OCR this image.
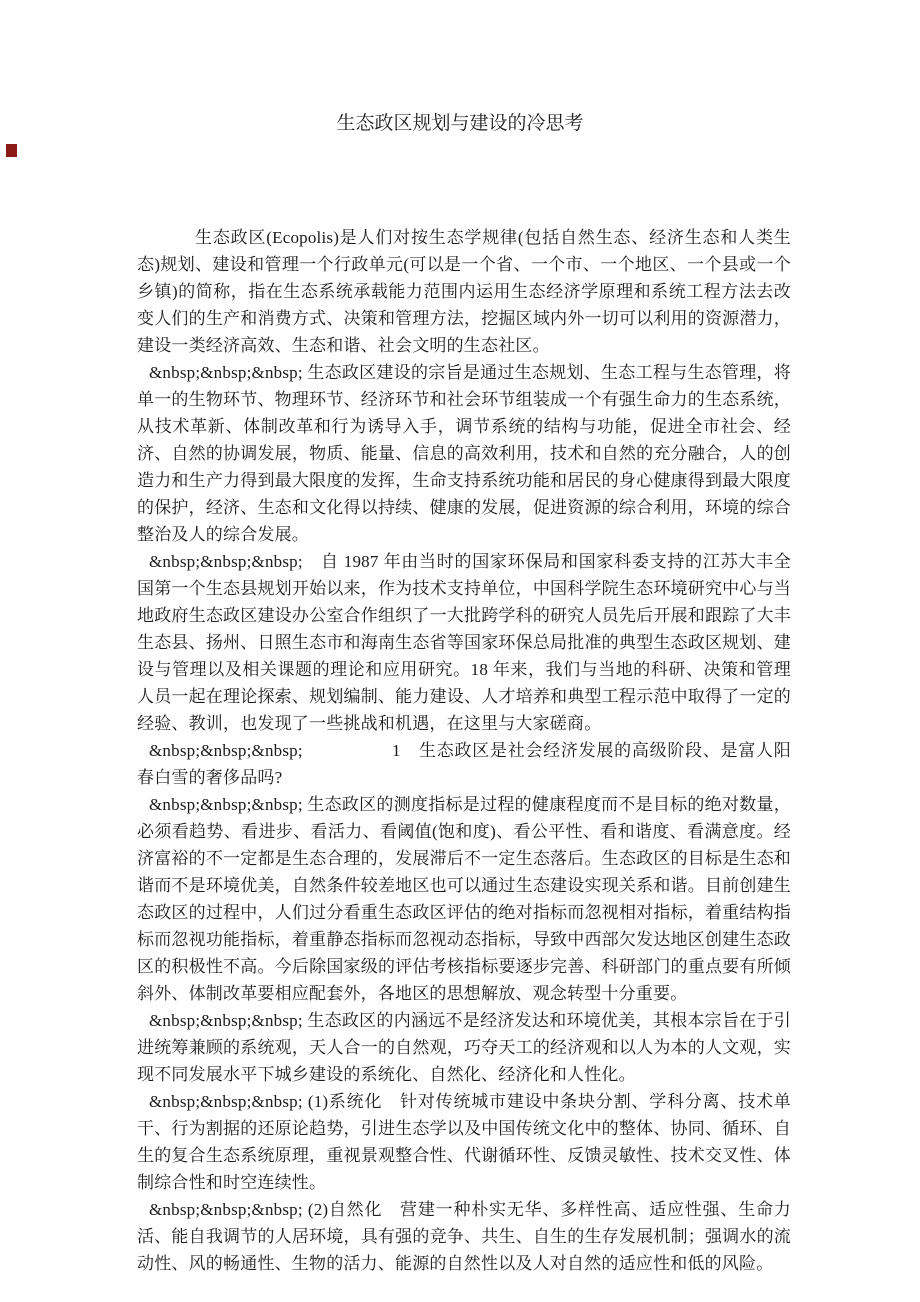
生态政区规划与建设的冷思考
生态政区(Ecopolis)是人们对按生态学规律(包括自然生态、经济生态和人类生态)规划、建设和管理一个行政单元(可以是一个省、一个市、一个地区、一个县或一个乡镇)的简称，指在生态系统承载能力范围内运用生态经济学原理和系统工程方法去改变人们的生产和消费方式、决策和管理方法，挖掘区域内外一切可以利用的资源潜力，建设一类经济高效、生态和谐、社会文明的生态社区。
&nbsp;&nbsp;&nbsp; 生态政区建设的宗旨是通过生态规划、生态工程与生态管理，将单一的生物环节、物理环节、经济环节和社会环节组装成一个有强生命力的生态系统，从技术革新、体制改革和行为诱导入手，调节系统的结构与功能，促进全市社会、经济、自然的协调发展，物质、能量、信息的高效利用，技术和自然的充分融合，人的创造力和生产力得到最大限度的发挥，生命支持系统功能和居民的身心健康得到最大限度的保护，经济、生态和文化得以持续、健康的发展，促进资源的综合利用，环境的综合整治及人的综合发展。
&nbsp;&nbsp;&nbsp;　自 1987 年由当时的国家环保局和国家科委支持的江苏大丰全国第一个生态县规划开始以来，作为技术支持单位，中国科学院生态环境研究中心与当地政府生态政区建设办公室合作组织了一大批跨学科的研究人员先后开展和跟踪了大丰生态县、扬州、日照生态市和海南生态省等国家环保总局批准的典型生态政区规划、建设与管理以及相关课题的理论和应用研究。18 年来，我们与当地的科研、决策和管理人员一起在理论探索、规划编制、能力建设、人才培养和典型工程示范中取得了一定的经验、教训，也发现了一些挑战和机遇，在这里与大家磋商。
&nbsp;&nbsp;&nbsp;　　　　　1　生态政区是社会经济发展的高级阶段、是富人阳春白雪的奢侈品吗?
&nbsp;&nbsp;&nbsp; 生态政区的测度指标是过程的健康程度而不是目标的绝对数量，必须看趋势、看进步、看活力、看阈值(饱和度)、看公平性、看和谐度、看满意度。经济富裕的不一定都是生态合理的，发展滞后不一定生态落后。生态政区的目标是生态和谐而不是环境优美，自然条件较差地区也可以通过生态建设实现关系和谐。目前创建生态政区的过程中，人们过分看重生态政区评估的绝对指标而忽视相对指标，着重结构指标而忽视功能指标，着重静态指标而忽视动态指标，导致中西部欠发达地区创建生态政区的积极性不高。今后除国家级的评估考核指标要逐步完善、科研部门的重点要有所倾斜外、体制改革要相应配套外，各地区的思想解放、观念转型十分重要。
&nbsp;&nbsp;&nbsp; 生态政区的内涵远不是经济发达和环境优美，其根本宗旨在于引进统筹兼顾的系统观，天人合一的自然观，巧夺天工的经济观和以人为本的人文观，实现不同发展水平下城乡建设的系统化、自然化、经济化和人性化。
&nbsp;&nbsp;&nbsp; (1)系统化　针对传统城市建设中条块分割、学科分离、技术单干、行为割据的还原论趋势，引进生态学以及中国传统文化中的整体、协同、循环、自生的复合生态系统原理，重视景观整合性、代谢循环性、反馈灵敏性、技术交叉性、体制综合性和时空连续性。
&nbsp;&nbsp;&nbsp; (2)自然化　营建一种朴实无华、多样性高、适应性强、生命力活、能自我调节的人居环境，具有强的竞争、共生、自生的生存发展机制；强调水的流动性、风的畅通性、生物的活力、能源的自然性以及人对自然的适应性和低的风险。
